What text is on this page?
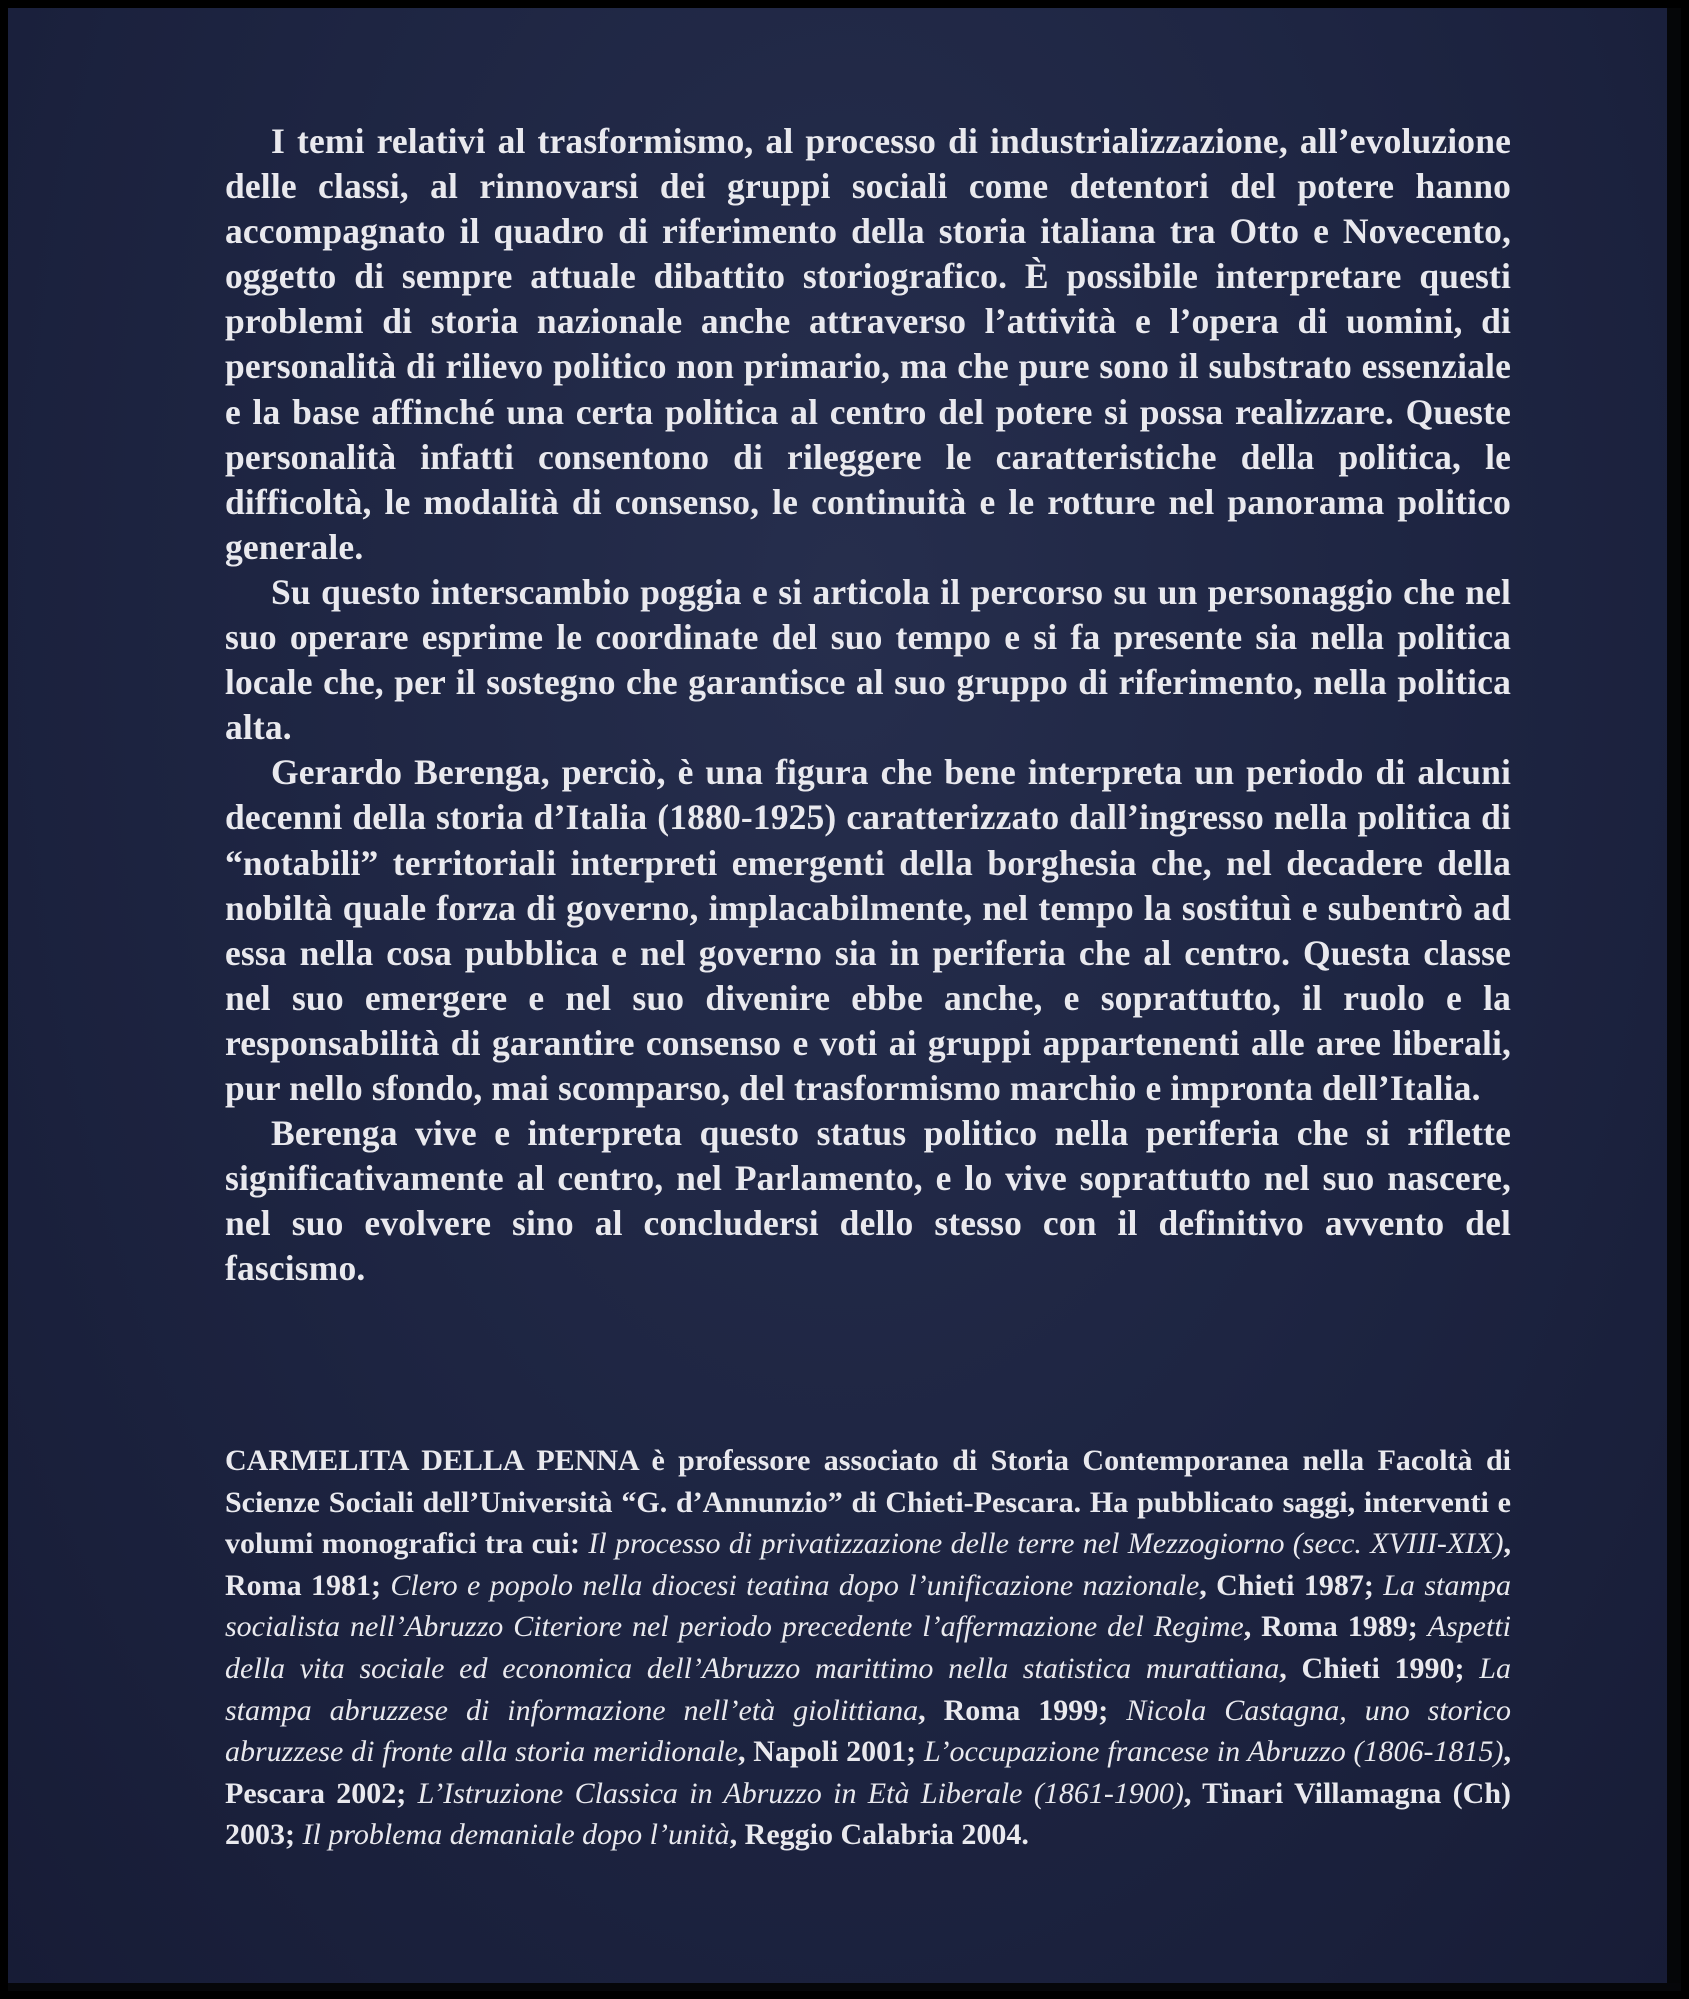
I temi relativi al trasformismo, al processo di industrializzazione, all’evoluzione delle classi, al rinnovarsi dei gruppi sociali come detentori del potere hanno accompagnato il quadro di riferimento della storia italiana tra Otto e Novecento, oggetto di sempre attuale dibattito storiografico. È possibile interpretare questi problemi di storia nazionale anche attraverso l’attività e l’opera di uomini, di personalità di rilievo politico non primario, ma che pure sono il substrato essenziale e la base affinché una certa politica al centro del potere si possa realizzare. Queste personalità infatti consentono di rileggere le caratteristiche della politica, le difficoltà, le modalità di consenso, le continuità e le rotture nel panorama politico generale.

Su questo interscambio poggia e si articola il percorso su un personaggio che nel suo operare esprime le coordinate del suo tempo e si fa presente sia nella politica locale che, per il sostegno che garantisce al suo gruppo di riferimento, nella politica alta.

Gerardo Berenga, perciò, è una figura che bene interpreta un periodo di alcuni decenni della storia d’Italia (1880-1925) caratterizzato dall’ingresso nella politica di “notabili” territoriali interpreti emergenti della borghesia che, nel decadere della nobiltà quale forza di governo, implacabilmente, nel tempo la sostituì e subentrò ad essa nella cosa pubblica e nel governo sia in periferia che al centro. Questa classe nel suo emergere e nel suo divenire ebbe anche, e soprattutto, il ruolo e la responsabilità di garantire consenso e voti ai gruppi appartenenti alle aree liberali, pur nello sfondo, mai scomparso, del trasformismo marchio e impronta dell’Italia.

Berenga vive e interpreta questo status politico nella periferia che si riflette significativamente al centro, nel Parlamento, e lo vive soprattutto nel suo nascere, nel suo evolvere sino al concludersi dello stesso con il definitivo avvento del fascismo.

CARMELITA DELLA PENNA è professore associato di Storia Contemporanea nella Facoltà di Scienze Sociali dell’Università “G. d’Annunzio” di Chieti-Pescara. Ha pubblicato saggi, interventi e volumi monografici tra cui: Il processo di privatizzazione delle terre nel Mezzogiorno (secc. XVIII-XIX), Roma 1981; Clero e popolo nella diocesi teatina dopo l’unificazione nazionale, Chieti 1987; La stampa socialista nell’Abruzzo Citeriore nel periodo precedente l’affermazione del Regime, Roma 1989; Aspetti della vita sociale ed economica dell’Abruzzo marittimo nella statistica murattiana, Chieti 1990; La stampa abruzzese di informazione nell’età giolittiana, Roma 1999; Nicola Castagna, uno storico abruzzese di fronte alla storia meridionale, Napoli 2001; L’occupazione francese in Abruzzo (1806-1815), Pescara 2002; L’Istruzione Classica in Abruzzo in Età Liberale (1861-1900), Tinari Villamagna (Ch) 2003; Il problema demaniale dopo l’unità, Reggio Calabria 2004.
